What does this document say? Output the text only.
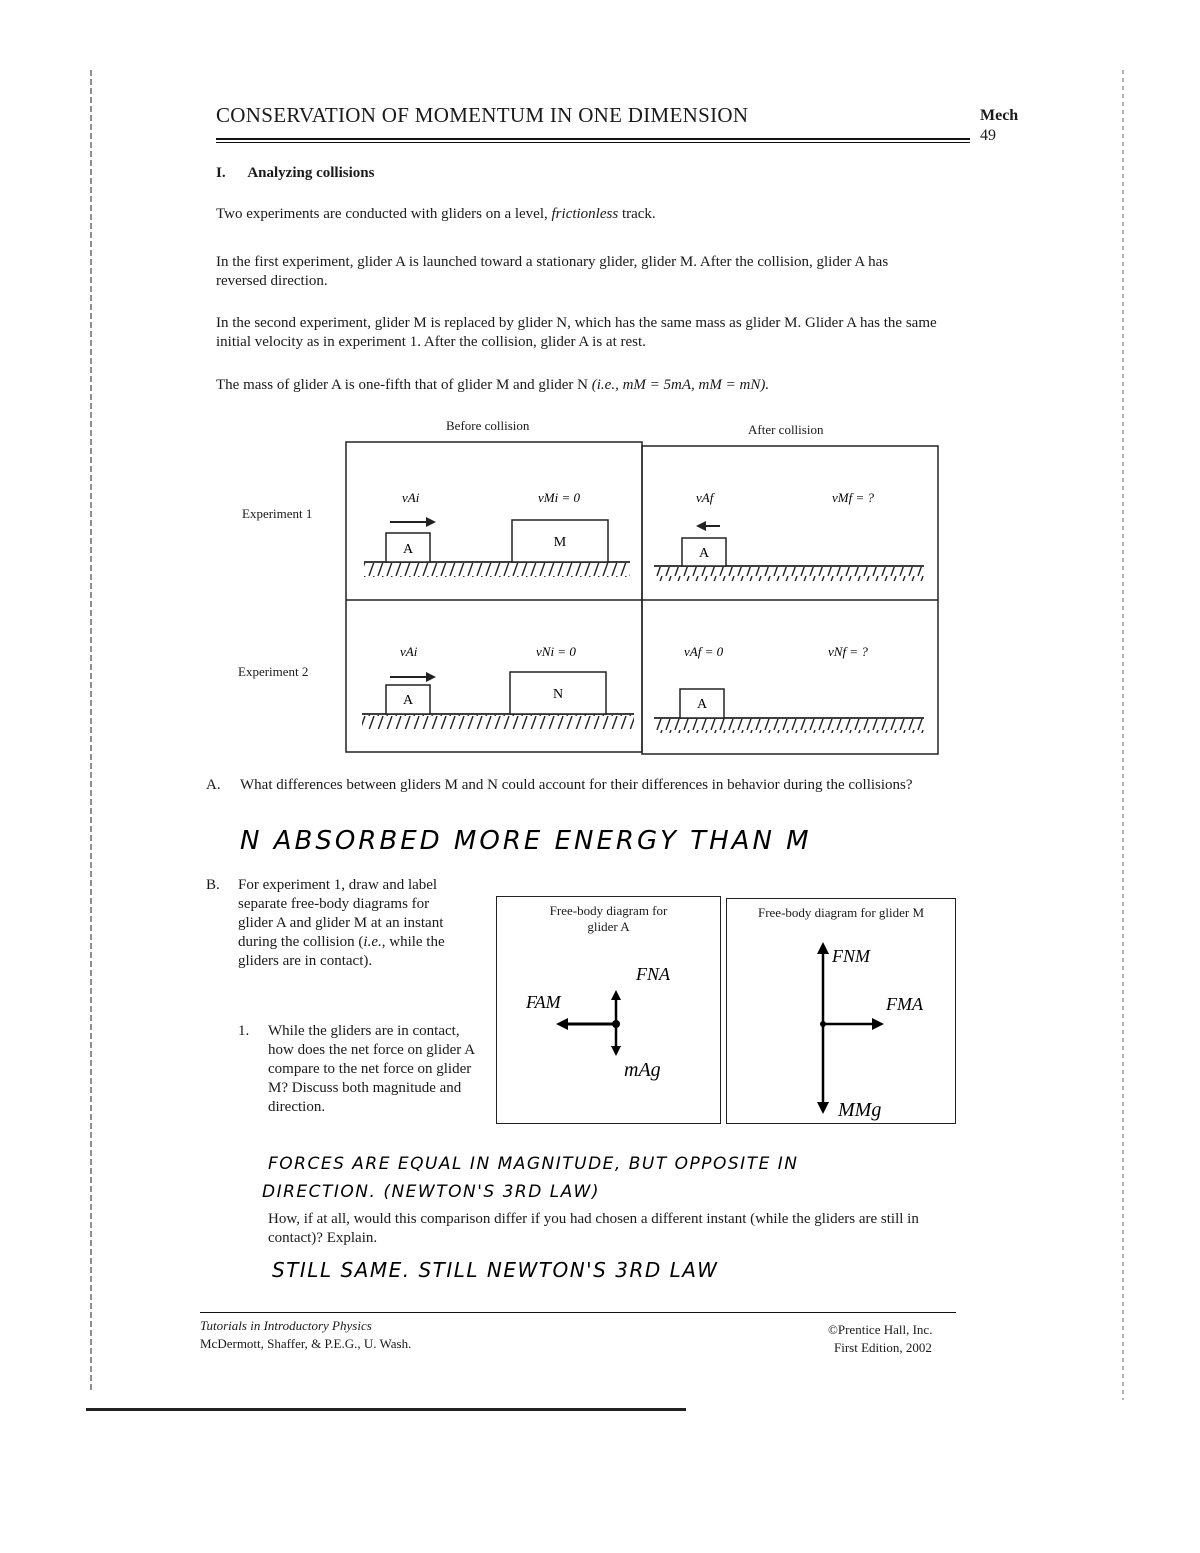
CONSERVATION OF MOMENTUM IN ONE DIMENSION	Mech
49
I. Analyzing collisions
Two experiments are conducted with gliders on a level, frictionless track.
In the first experiment, glider A is launched toward a stationary glider, glider M. After the collision, glider A has reversed direction.
In the second experiment, glider M is replaced by glider N, which has the same mass as glider M. Glider A has the same initial velocity as in experiment 1. After the collision, glider A is at rest.
The mass of glider A is one-fifth that of glider M and glider N (i.e., mM = 5mA, mM = mN).
Before collision	After collision
Experiment 1
Experiment 2
A	M
vAi	vMi = 0
A
vAf	vMf = ?
A	N
vAi	vNi = 0
A
vAf = 0	vNf = ?
A. What differences between gliders M and N could account for their differences in behavior during the collisions?
N ABSORBED MORE ENERGY THAN M
B. For experiment 1, draw and label separate free-body diagrams for glider A and glider M at an instant during the collision (i.e., while the gliders are in contact).
1. While the gliders are in contact, how does the net force on glider A compare to the net force on glider M? Discuss both magnitude and direction.
Free-body diagram for glider A
Free-body diagram for glider M
FAM
FNA
mAg
FNM
FMA
MMg
FORCES ARE EQUAL IN MAGNITUDE, BUT OPPOSITE IN
DIRECTION. (NEWTON'S 3RD LAW)
How, if at all, would this comparison differ if you had chosen a different instant (while the gliders are still in contact)? Explain.
STILL SAME. STILL NEWTON'S 3RD LAW
Tutorials in Introductory Physics
McDermott, Shaffer, & P.E.G., U. Wash.
©Prentice Hall, Inc.
First Edition, 2002
